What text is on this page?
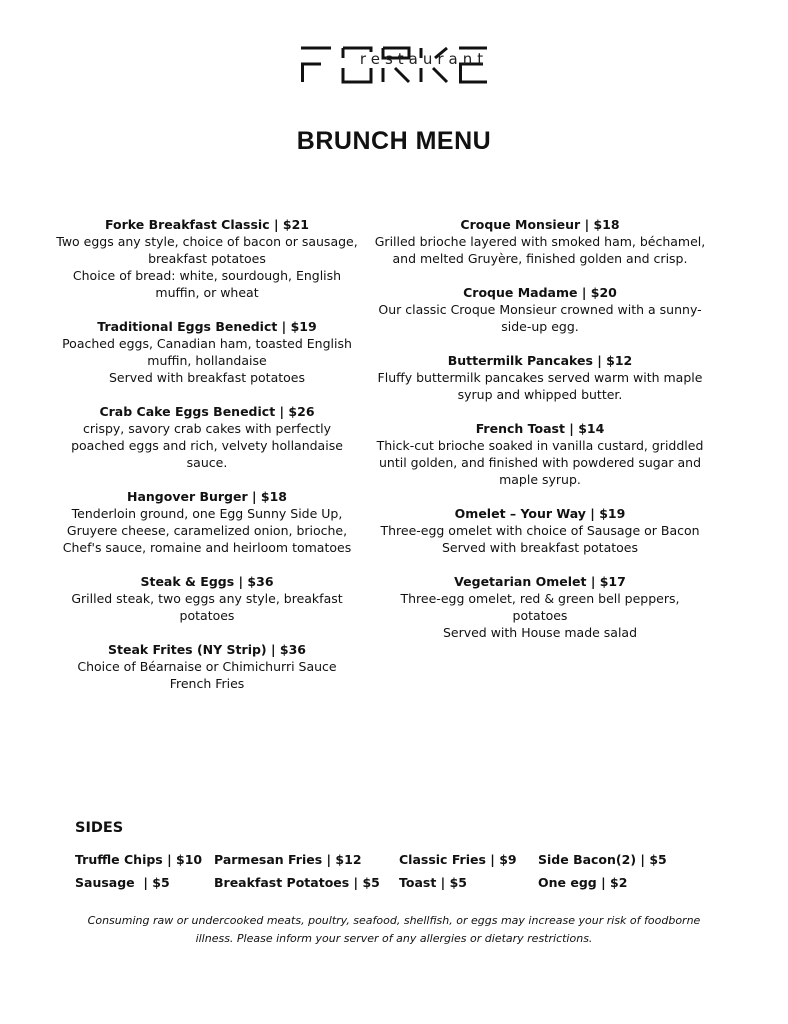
FORKE
restaurant
BRUNCH MENU
Forke Breakfast Classic | $21
Two eggs any style, choice of bacon or sausage,
breakfast potatoes
Choice of bread: white, sourdough, English
muffin, or wheat
Traditional Eggs Benedict | $19
Poached eggs, Canadian ham, toasted English
muffin, hollandaise
Served with breakfast potatoes
Crab Cake Eggs Benedict | $26
crispy, savory crab cakes with perfectly
poached eggs and rich, velvety hollandaise
sauce.
Hangover Burger | $18
Tenderloin ground, one Egg Sunny Side Up,
Gruyere cheese, caramelized onion, brioche,
Chef's sauce, romaine and heirloom tomatoes
Steak & Eggs | $36
Grilled steak, two eggs any style, breakfast
potatoes
Steak Frites (NY Strip) | $36
Choice of Béarnaise or Chimichurri Sauce
French Fries
Croque Monsieur | $18
Grilled brioche layered with smoked ham, béchamel,
and melted Gruyère, finished golden and crisp.
Croque Madame | $20
Our classic Croque Monsieur crowned with a sunny-
side-up egg.
Buttermilk Pancakes | $12
Fluffy buttermilk pancakes served warm with maple
syrup and whipped butter.
French Toast | $14
Thick-cut brioche soaked in vanilla custard, griddled
until golden, and finished with powdered sugar and
maple syrup.
Omelet – Your Way | $19
Three-egg omelet with choice of Sausage or Bacon
Served with breakfast potatoes
Vegetarian Omelet | $17
Three-egg omelet, red & green bell peppers,
potatoes
Served with House made salad
SIDES
Truffle Chips | $10 Parmesan Fries | $12	Classic Fries | $9 Side Bacon(2) | $5
Sausage  | $5	Breakfast Potatoes | $5 Toast | $5	One egg | $2

Consuming raw or undercooked meats, poultry, seafood, shellfish, or eggs may increase your risk of foodborne illness. Please inform your server of any allergies or dietary restrictions.
